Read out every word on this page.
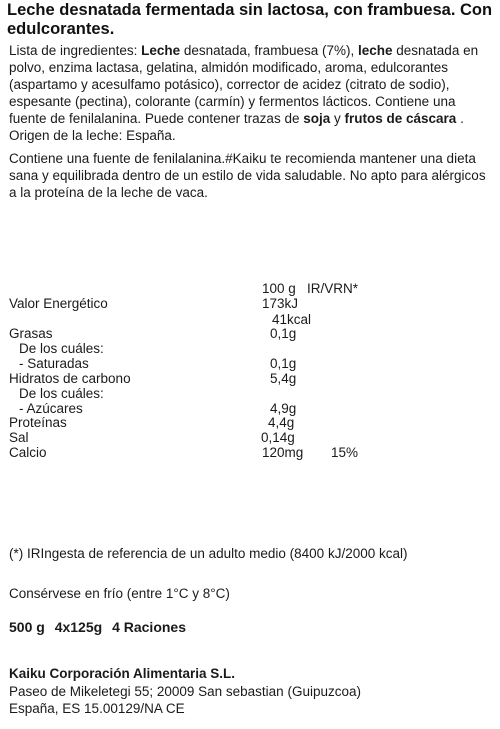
Leche desnatada fermentada sin lactosa, con frambuesa. Con
edulcorantes.
Lista de ingredientes: Leche desnatada, frambuesa (7%), leche desnatada en polvo, enzima lactasa, gelatina, almidón modificado, aroma, edulcorantes (aspartamo y acesulfamo potásico), corrector de acidez (citrato de sodio), espesante (pectina), colorante (carmín) y fermentos lácticos. Contiene una fuente de fenilalanina. Puede contener trazas de soja y frutos de cáscara . Origen de la leche: España.
Contiene una fuente de fenilalanina.#Kaiku te recomienda mantener una dieta sana y equilibrada dentro de un estilo de vida saludable. No apto para alérgicos a la proteína de la leche de vaca.
100 g IR/VRN*
Valor Energético	173kJ
41kcal
Grasas	0,1g
De los cuáles:
- Saturadas	0,1g
Hidratos de carbono	5,4g
De los cuáles:
- Azúcares	4,9g
Proteínas	4,4g
Sal	0,14g
Calcio	120mg 15%
(*) IRIngesta de referencia de un adulto medio (8400 kJ/2000 kcal)
Consérvese en frío (entre 1°C y 8°C)
500 g 4x125g 4 Raciones
Kaiku Corporación Alimentaria S.L.
Paseo de Mikeletegi 55; 20009 San sebastian (Guipuzcoa)
España, ES 15.00129/NA CE
